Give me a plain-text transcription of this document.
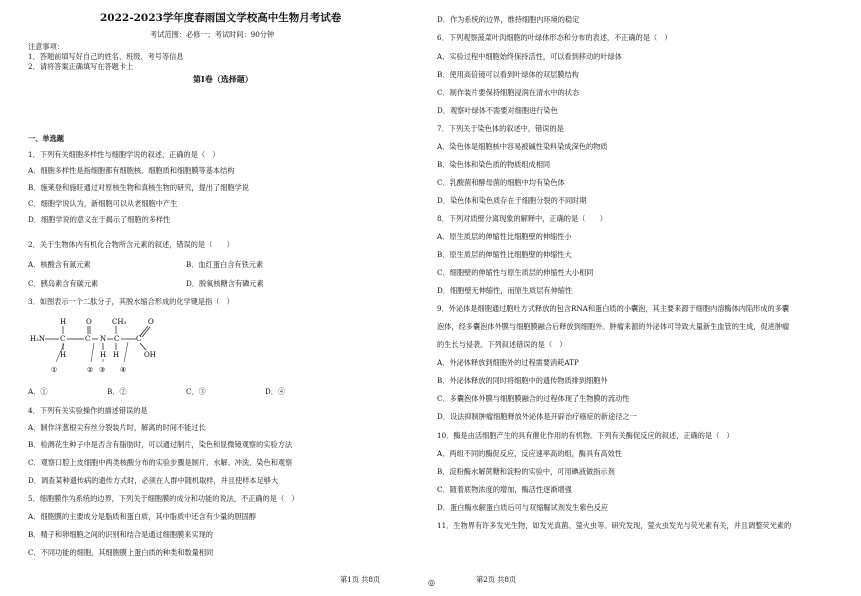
2022-2023学年度春雨国文学校高中生物月考试卷
考试范围：必修一；考试时间：90分钟
注意事项：
1．答题前填写好自己的姓名、班级、考号等信息
2．请将答案正确填写在答题卡上
第I卷（选择题）
一、单选题
1．下列有关细胞多样性与细胞学说的叙述，正确的是（　）
A．细胞多样性是指细胞都有细胞核、细胞质和细胞膜等基本结构
B．施莱登和施旺通过对原核生物和真核生物的研究，提出了细胞学说
C．细胞学说认为，新细胞可以从老细胞中产生
D．细胞学说的意义在于揭示了细胞的多样性
2．关于生物体内有机化合物所含元素的叙述，错误的是（　　）
A．核酸含有氮元素	B．血红蛋白含有铁元素
C．胰岛素含有碳元素	D．脱氧核糖含有磷元素
3．如图表示一个二肽分子，其脱水缩合形成的化学键是指（　）
H	O	CH₃	O
H₂N C	C N C C
H	H H	OH
①	② ③ ④
A．①	B．②	C．③	D．④
4．下列有关实验操作的描述错误的是
A．制作洋葱根尖有丝分裂装片时，解离的时间不能过长
B．检测花生种子中是否含有脂肪时，可以通过制片，染色和显微镜观察的实验方法
C．观察口腔上皮细胞中两类核酸分布的实验步骤是制片、水解、冲洗、染色和观察
D．调查某种遗传病的遗传方式时，必须在人群中随机取样，并且使样本足够大
5．细胞膜作为系统的边界，下列关于细胞膜的成分和功能的说法，不正确的是（　）
A．细胞膜的主要成分是脂质和蛋白质，其中脂质中还含有少量的胆固醇
B．精子和卵细胞之间的识别和结合是通过细胞膜来实现的
C．不同功能的细胞，其细胞膜上蛋白质的种类和数量相同
第1页 共8页	◎	第2页 共8页
D．作为系统的边界，维持细胞内环境的稳定
6．下列观察菠菜叶肉细胞的叶绿体形态和分布的表述，不正确的是（　）
A．实验过程中细胞始终保持活性，可以看到移动的叶绿体
B．使用高倍镜可以看到叶绿体的双层膜结构
C．制作装片要保持细胞浸润在清水中的状态
D．观察叶绿体不需要对细胞进行染色
7．下列关于染色体的叙述中，错误的是
A．染色体是细胞核中容易被碱性染料染成深色的物质
B．染色体和染色质的物质组成相同
C．乳酸菌和酵母菌的细胞中均有染色体
D．染色体和染色质存在于细胞分裂的不同时期
8．下列对质壁分离现象的解释中，正确的是（　　）
A．原生质层的伸缩性比细胞壁的伸缩性小
B．原生质层的伸缩性比细胞壁的伸缩性大
C．细胞壁的伸缩性与原生质层的伸缩性大小相同
D．细胞壁无伸缩性，而原生质层有伸缩性
9．外泌体是细胞通过胞吐方式释放的包含RNA和蛋白质的小囊泡，其主要来源于细胞内溶酶体内陷形成的多囊
泡体，经多囊泡体外膜与细胞膜融合后释放到细胞外。肿瘤来源的外泌体可导致大量新生血管的生成，促进肿瘤
的生长与侵袭。下列叙述错误的是（　）
A．外泌体释放到细胞外的过程需要消耗ATP
B．外泌体释放的同时将细胞中的遗传物质排到细胞外
C．多囊泡体外膜与细胞膜融合的过程体现了生物膜的流动性
D．设法抑制肿瘤细胞释放外泌体是开辟治疗癌症的新途径之一
10．酶是由活细胞产生的具有催化作用的有机物。下列有关酶促反应的叙述，正确的是（　）
A．两组不同的酶促反应，反应速率高的组，酶具有高效性
B．淀粉酶水解蔗糖和淀粉的实验中，可用碘液做指示剂
C．随着底物浓度的增加，酶活性逐渐增强
D．蛋白酶水解蛋白质后可与双缩脲试剂发生紫色反应
11．生物界有许多发光生物，如发光真菌、萤火虫等。研究发现，萤火虫发光与荧光素有关，并且调整荧光素的
